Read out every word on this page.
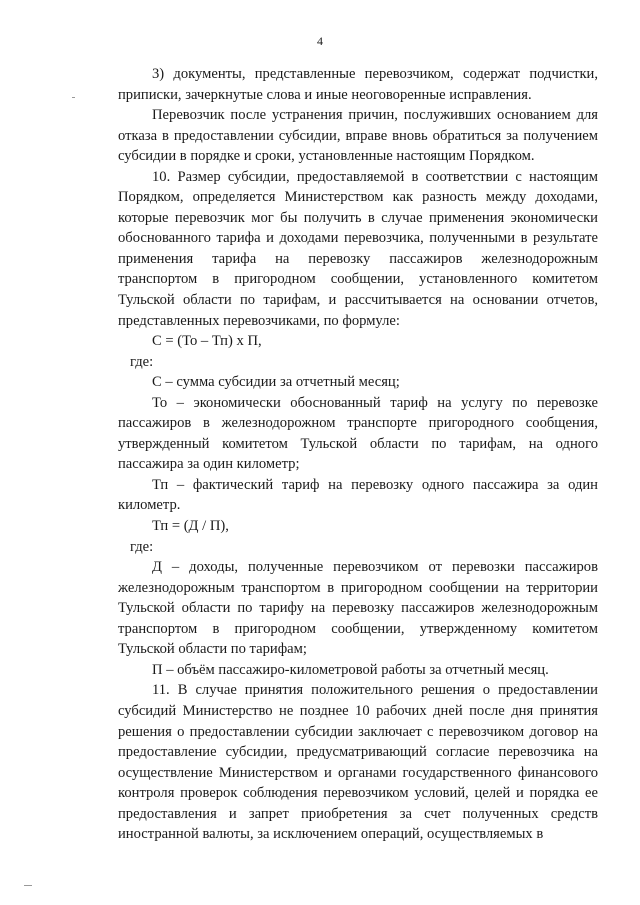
4

3) документы, представленные перевозчиком, содержат подчистки, приписки, зачеркнутые слова и иные неоговоренные исправления.

Перевозчик после устранения причин, послуживших основанием для отказа в предоставлении субсидии, вправе вновь обратиться за получением субсидии в порядке и сроки, установленные настоящим Порядком.

10. Размер субсидии, предоставляемой в соответствии с настоящим Порядком, определяется Министерством как разность между доходами, которые перевозчик мог бы получить в случае применения экономически обоснованного тарифа и доходами перевозчика, полученными в результате применения тарифа на перевозку пассажиров железнодорожным транспортом в пригородном сообщении, установленного комитетом Тульской области по тарифам, и рассчитывается на основании отчетов, представленных перевозчиками, по формуле:

С = (То – Тп) х П,

где:

С – сумма субсидии за отчетный месяц;

То – экономически обоснованный тариф на услугу по перевозке пассажиров в железнодорожном транспорте пригородного сообщения, утвержденный комитетом Тульской области по тарифам, на одного пассажира за один километр;

Тп – фактический тариф на перевозку одного пассажира за один километр.

Тп = (Д / П),

где:

Д – доходы, полученные перевозчиком от перевозки пассажиров железнодорожным транспортом в пригородном сообщении на территории Тульской области по тарифу на перевозку пассажиров железнодорожным транспортом в пригородном сообщении, утвержденному комитетом Тульской области по тарифам;

П – объём пассажиро-километровой работы за отчетный месяц.

11. В случае принятия положительного решения о предоставлении субсидий Министерство не позднее 10 рабочих дней после дня принятия решения о предоставлении субсидии заключает с перевозчиком договор на предоставление субсидии, предусматривающий согласие перевозчика на осуществление Министерством и органами государственного финансового контроля проверок соблюдения перевозчиком условий, целей и порядка ее предоставления и запрет приобретения за счет полученных средств иностранной валюты, за исключением операций, осуществляемых в
